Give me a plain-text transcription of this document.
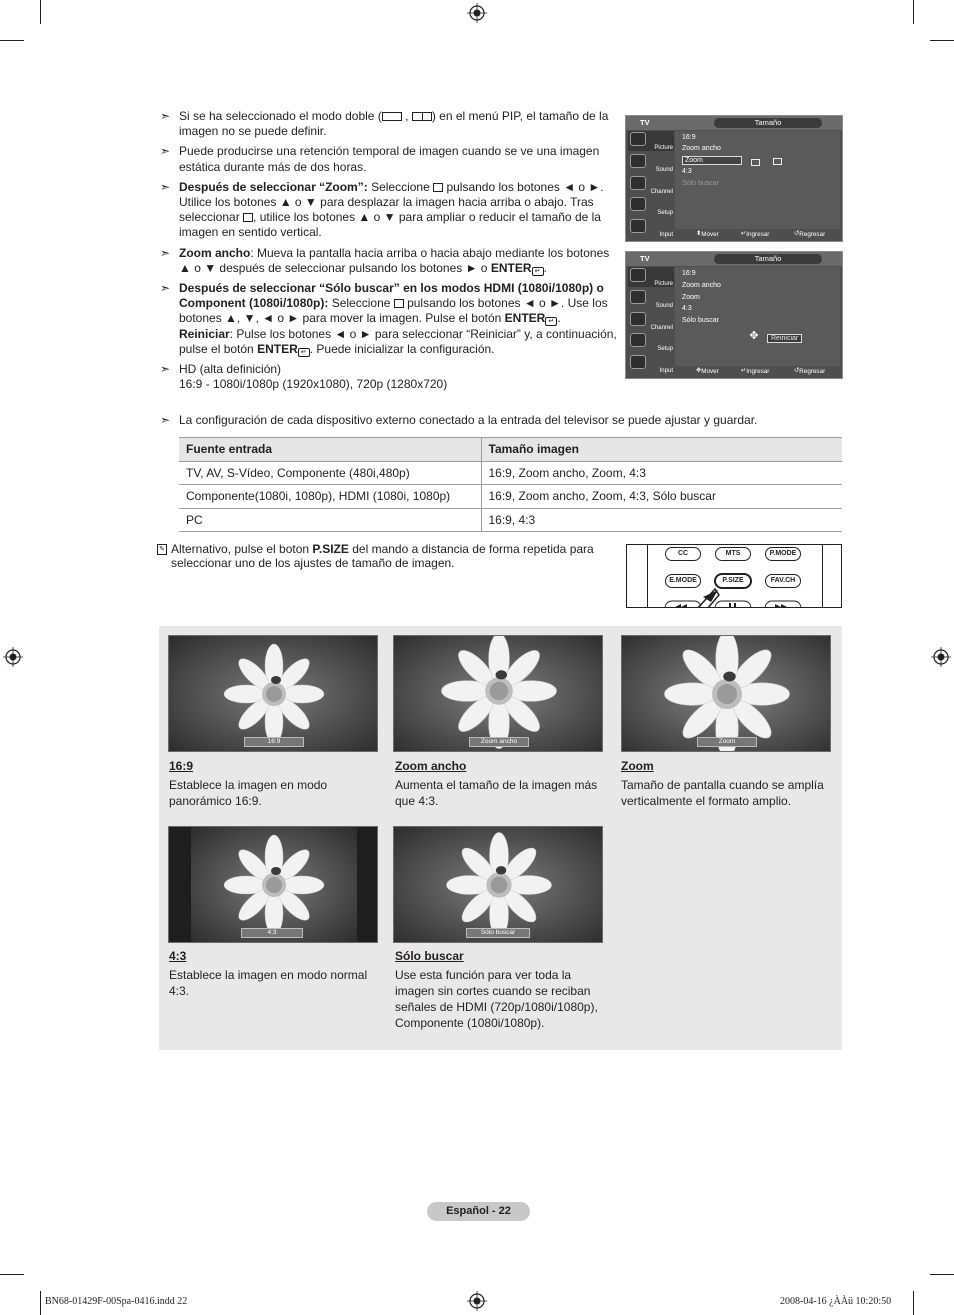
➣ Si se ha seleccionado el modo doble ( , ) en el menú PIP, el tamaño de la imagen no se puede definir.
➣ Puede producirse una retención temporal de imagen cuando se ve una imagen estática durante más de dos horas.
➣ Después de seleccionar “Zoom”: Seleccione  pulsando los botones ◄ o ►. Utilice los botones ▲ o ▼ para desplazar la imagen hacia arriba o abajo. Tras seleccionar , utilice los botones ▲ o ▼ para ampliar o reducir el tamaño de la imagen en sentido vertical.
➣ Zoom ancho: Mueva la pantalla hacia arriba o hacia abajo mediante los botones ▲ o ▼ después de seleccionar pulsando los botones ► o ENTER ↵ .
➣ Después de seleccionar “Sólo buscar” en los modos HDMI (1080i/1080p) o Component (1080i/1080p): Seleccione  pulsando los botones ◄ o ►. Use los botones ▲, ▼, ◄ o ► para mover la imagen. Pulse el botón ENTER ↵ .
Reiniciar: Pulse los botones ◄ o ► para seleccionar “Reiniciar” y, a continuación, pulse el botón ENTER ↵ . Puede inicializar la configuración.
➣ HD (alta definición)
16:9 - 1080i/1080p (1920x1080), 720p (1280x720)
➣ La configuración de cada dispositivo externo conectado a la entrada del televisor se puede ajustar y guardar.
TV	Tamaño
Picture
Sound
Channel
Setup
Input
16:9
Zoom ancho
Zoom
4:3
Sólo buscar
⬍ Mover	↵ Ingresar	↺ Regresar
TV	Tamaño
Picture
Sound
Channel
Setup
Input
16:9
Zoom ancho
Zoom
4:3
Sólo buscar
✥	Reiniciar
✥ Mover	↵ Ingresar	↺ Regresar
Fuente entrada	Tamaño imagen
TV, AV, S-Vídeo, Componente (480i,480p)	16:9, Zoom ancho, Zoom, 4:3
Componente(1080i, 1080p), HDMI (1080i, 1080p)	16:9, Zoom ancho, Zoom, 4:3, Sólo buscar
PC	16:9, 4:3
✎ Alternativo, pulse el boton P.SIZE del mando a distancia de forma repetida para seleccionar uno de los ajustes de tamaño de imagen.
CC	MTS	P.MODE
E.MODE	P.SIZE	FAV.CH
16:9
16:9
Establece la imagen en modo panorámico 16:9.
Zoom ancho
Zoom ancho
Aumenta el tamaño de la imagen más que 4:3.
Zoom
Zoom
Tamaño de pantalla cuando se amplía verticalmente el formato amplio.
4:3
4:3
Establece la imagen en modo normal 4:3.
Sólo buscar
Sólo buscar
Use esta función para ver toda la imagen sin cortes cuando se reciban señales de HDMI (720p/1080i/1080p), Componente (1080i/1080p).
Español - 22
BN68-01429F-00Spa-0416.indd 22	2008-04-16 ¿ÀÀü 10:20:50
